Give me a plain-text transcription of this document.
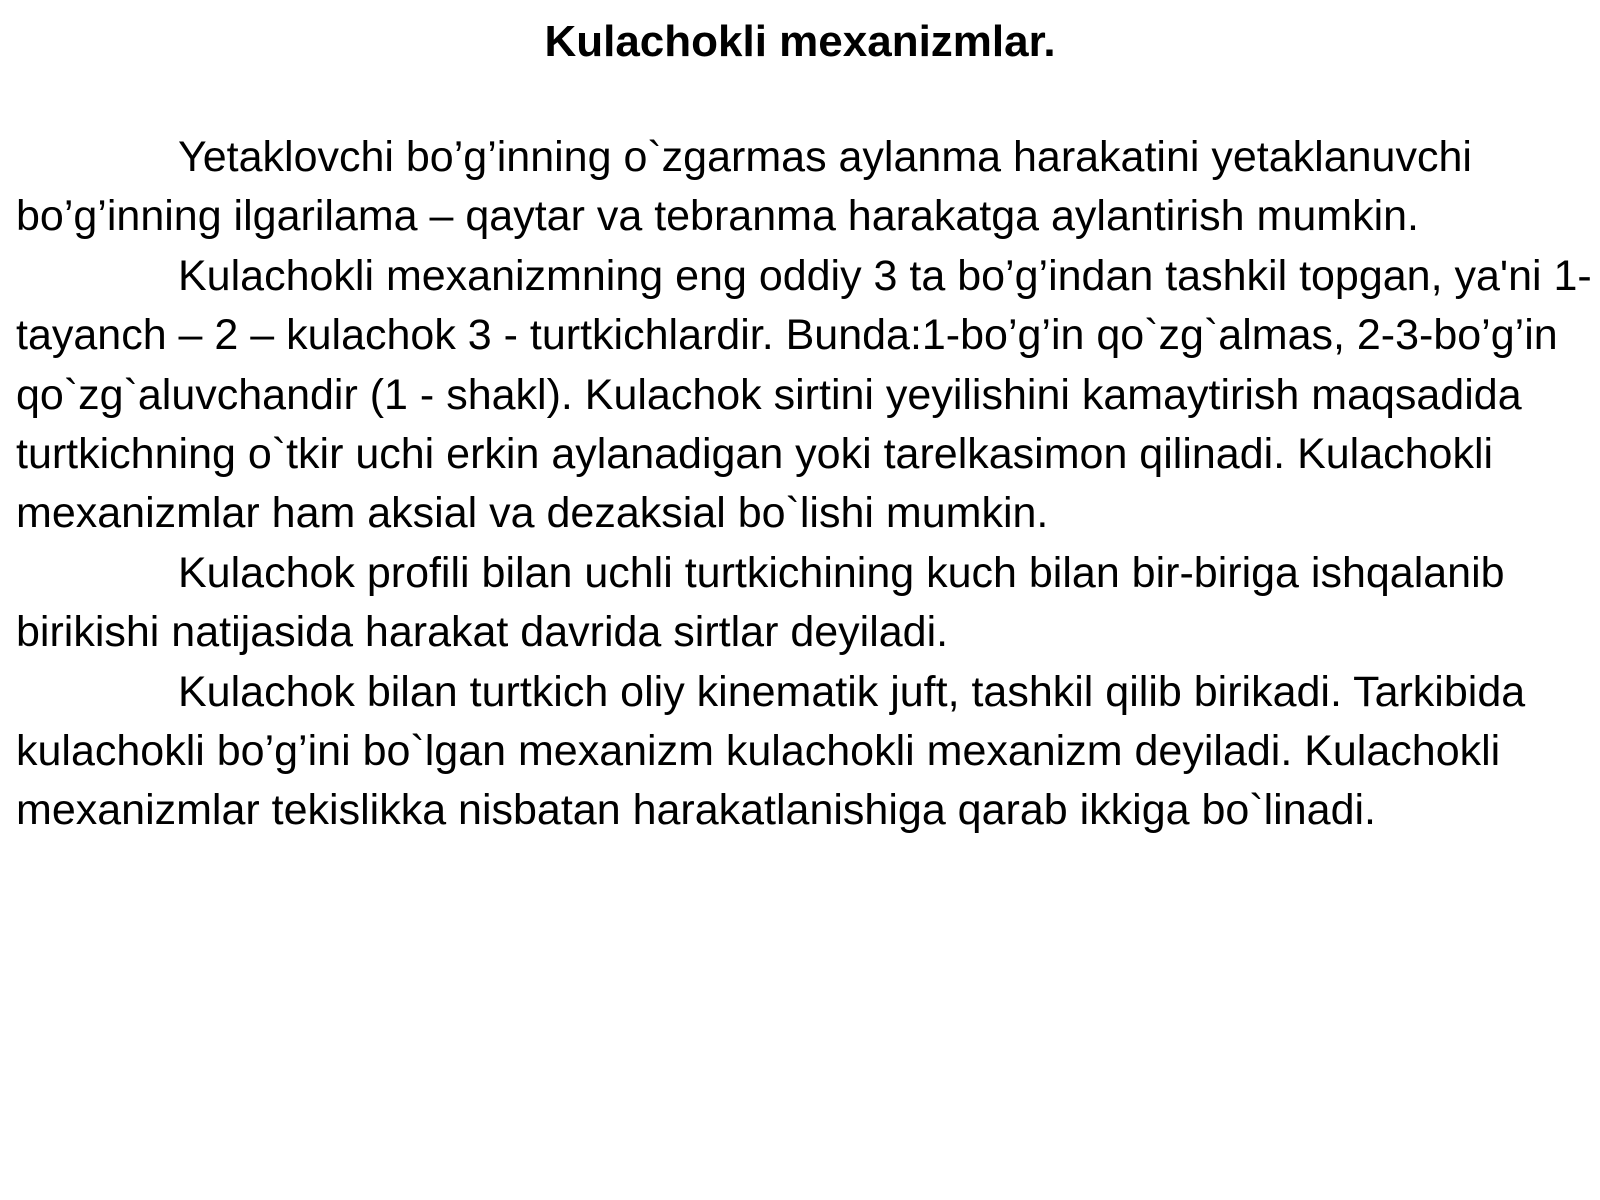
Kulachokli mexanizmlar.

Yetaklovchi bo’g’inning o`zgarmas aylanma harakatini yetaklanuvchi bo’g’inning ilgarilama – qaytar va tebranma harakatga aylantirish mumkin.

Kulachokli mexanizmning eng oddiy 3 ta bo’g’indan tashkil topgan, ya'ni 1-tayanch – 2 – kulachok 3 - turtkichlardir. Bunda:1-bo’g’in qo`zg`almas, 2-3-bo’g’in qo`zg`aluvchandir (1 - shakl). Kulachok sirtini yeyilishini kamaytirish maqsadida turtkichning o`tkir uchi erkin aylanadigan yoki tarelkasimon qilinadi. Kulachokli mexanizmlar ham aksial va dezaksial bo`lishi mumkin.

Kulachok profili bilan uchli turtkichining kuch bilan bir-biriga ishqalanib birikishi natijasida harakat davrida sirtlar deyiladi.

Kulachok bilan turtkich oliy kinematik juft, tashkil qilib birikadi. Tarkibida kulachokli bo’g’ini bo`lgan mexanizm kulachokli mexanizm deyiladi. Kulachokli mexanizmlar tekislikka nisbatan harakatlanishiga qarab ikkiga bo`linadi.
